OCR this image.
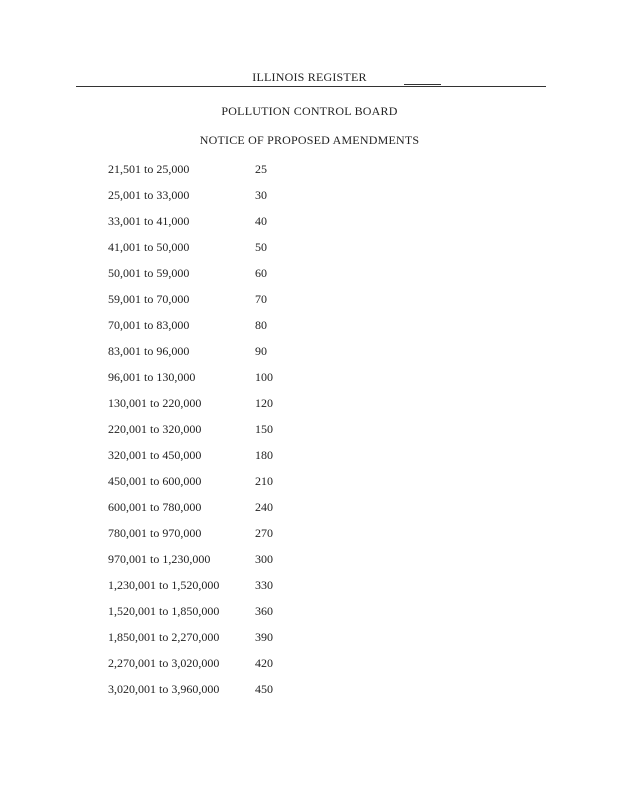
ILLINOIS REGISTER
POLLUTION CONTROL BOARD
NOTICE OF PROPOSED AMENDMENTS
21,501 to 25,000	25
25,001 to 33,000	30
33,001 to 41,000	40
41,001 to 50,000	50
50,001 to 59,000	60
59,001 to 70,000	70
70,001 to 83,000	80
83,001 to 96,000	90
96,001 to 130,000	100
130,001 to 220,000	120
220,001 to 320,000	150
320,001 to 450,000	180
450,001 to 600,000	210
600,001 to 780,000	240
780,001 to 970,000	270
970,001 to 1,230,000	300
1,230,001 to 1,520,000	330
1,520,001 to 1,850,000	360
1,850,001 to 2,270,000	390
2,270,001 to 3,020,000	420
3,020,001 to 3,960,000	450
